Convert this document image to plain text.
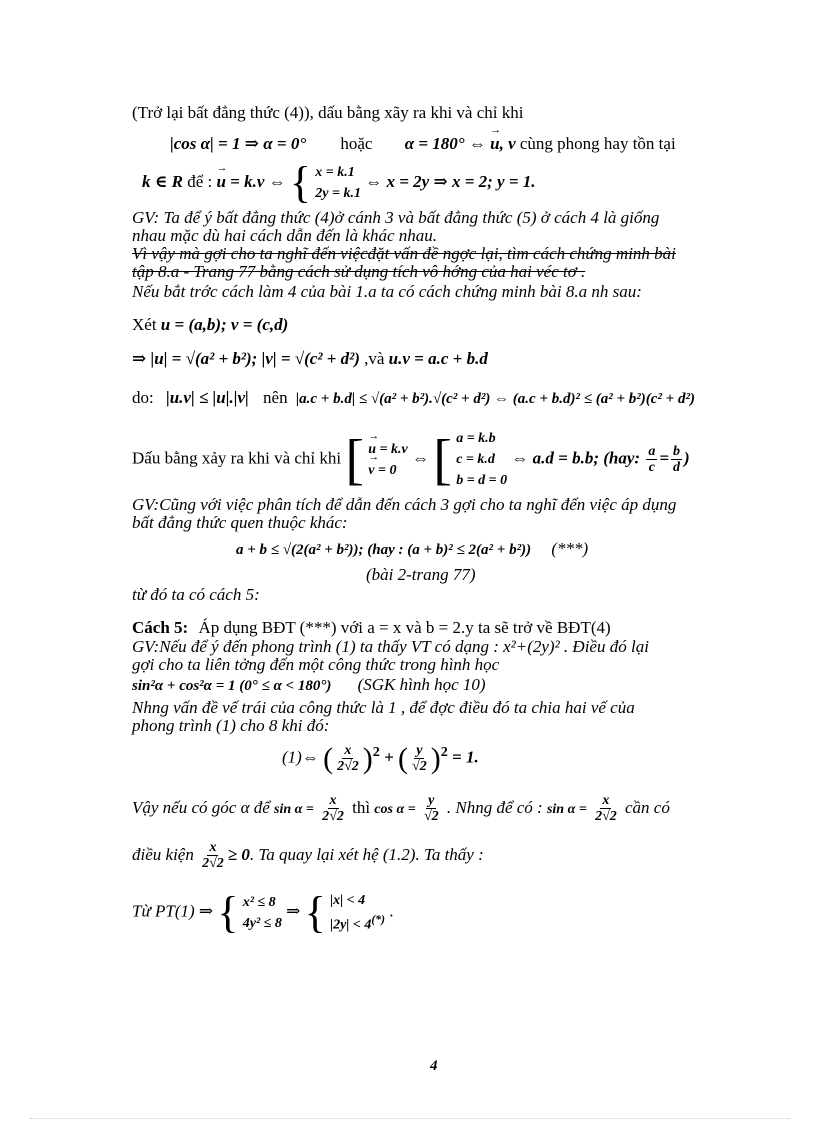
(Trở lại bất đẳng thức (4)), dấu bằng xãy ra khi và chỉ khi
|cos α| = 1 ⇒ α = 0° hoặc α = 180° ⇔ → u, v cùng phong hay tồn tại
k ∈ R để : → u = k.v ⇔ { x = k.1
2y = k.1
⇔ x = 2y ⇒ x = 2; y = 1.
GV: Ta để ý bất đẳng thức (4)ở cánh 3 và bất đẳng thức (5) ở cách 4 là giống
nhau mặc dù hai cách dẫn đến là khác nhau.
Vì vậy mà gợi cho ta nghĩ đến việcđặt vấn đề ngợc lại, tìm cách chứng minh bài
tập 8.a - Trang 77 bằng cách sử dụng tích vô hớng của hai véc tơ .
Nếu bắt trớc cách làm 4 của bài 1.a ta có cách chứng minh bài 8.a nh sau:
Xét u = (a,b); v = (c,d)
⇒ |u| = √(a² + b²); |v| = √(c² + d²) ,và u.v = a.c + b.d
do: |u.v| ≤ |u|.|v| nên |a.c + b.d| ≤ √(a² + b²).√(c² + d²) ⇔ (a.c + b.d)² ≤ (a² + b²)(c² + d²)
Dấu bằng xảy ra khi và chỉ khi [ → u = k.v
→ v = 0
⇔ [ a = k.b
c = k.d
b = d = 0
⇔ a.d = b.b; (hay: $\frac{a}{c} = \frac{b}{d}$ )
GV:Cũng với việc phân tích để dẫn đến cách 3 gợi cho ta nghĩ đến việc áp dụng
bất đẳng thức quen thuộc khác:
a + b ≤ √(2(a² + b²)); (hay : (a + b)² ≤ 2(a² + b²)) (***)
(bài 2-trang 77)
từ đó ta có cách 5:
Cách 5: Áp dụng BĐT (***) với a = x và b = 2.y ta sẽ trở về BĐT(4)
GV:Nếu để ý đến phong trình (1) ta thấy VT có dạng : x²+(2y)² . Điều đó lại
gợi cho ta liên tởng đến một công thức trong hình học
sin²α + cos²α = 1 (0° ≤ α < 180°) (SGK hình học 10)
Nhng vấn đề vế trái của công thức là 1 , để đợc điều đó ta chia hai vế của
phong trình (1) cho 8 khi đó:
(1)⇔ ( $\frac{x}{2√2} )^2$ + ( $\frac{y}{√2} )^2 = 1$.
Vậy nếu có góc α để $\sin \alpha = \frac{x}{2√2}$ thì $\cos \alpha = \frac{y}{√2}$ . Nhng để có : $\sin \alpha = \frac{x}{2√2}$ cần có
điều kiện $\frac{x}{2√2} \ge 0$. Ta quay lại xét hệ (1.2). Ta thấy :
Từ PT(1) ⇒ { x² ≤ 8
4y² ≤ 8
⇒ { |x| < 4
|2y| < 4(*) .
4
